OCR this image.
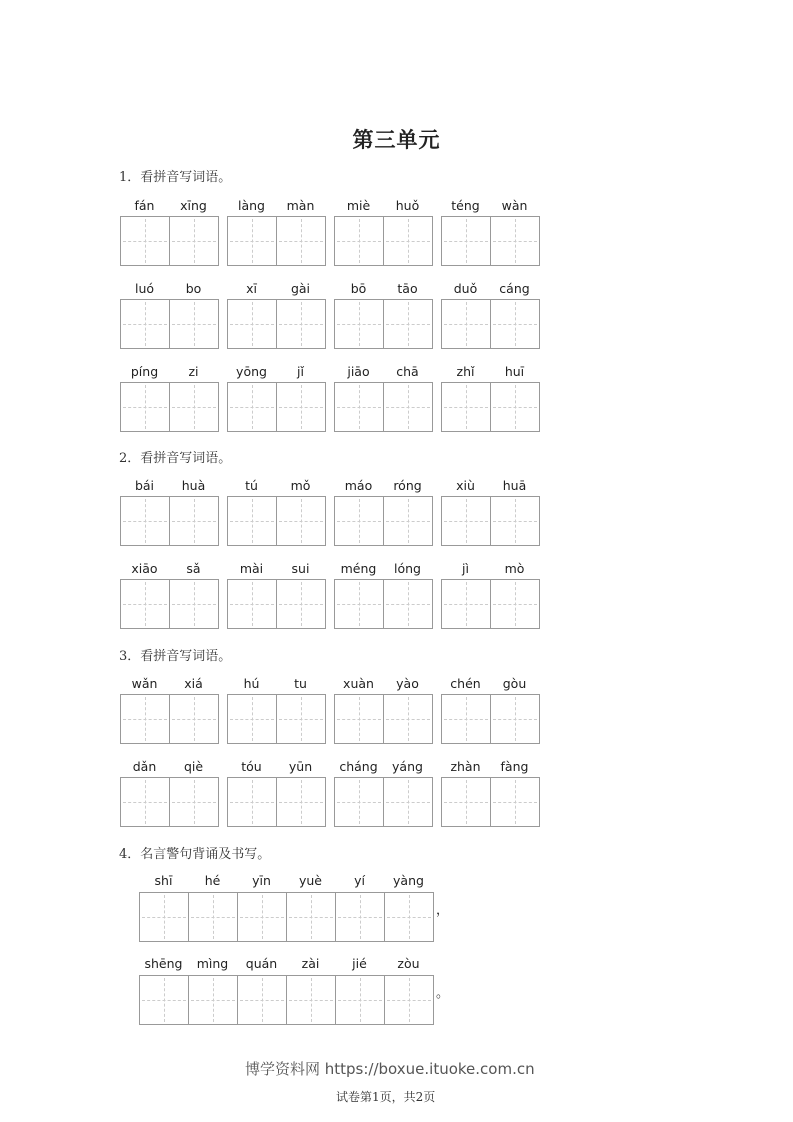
第三单元
1．看拼音写词语。
fán	xīng	làng	màn	miè	huǒ	téng	wàn
luó	bo	xī	gài	bō	tāo	duǒ	cáng
píng	zi	yōng	jǐ	jiāo	chā	zhǐ	huī
2．看拼音写词语。
bái	huà	tú	mǒ	máo	róng	xiù	huā
xiāo	sǎ	mài	sui	méng	lóng	jì	mò
3．看拼音写词语。
wǎn	xiá	hú	tu	xuàn	yào	chén	gòu
dǎn	qiè	tóu	yūn	cháng	yáng	zhàn	fàng
4．名言警句背诵及书写。
shī	hé	yīn	yuè	yí	yàng
，
shēng	mìng	quán	zài	jié	zòu
。
博学资料网 https://boxue.ituoke.com.cn
试卷第1页，共2页
